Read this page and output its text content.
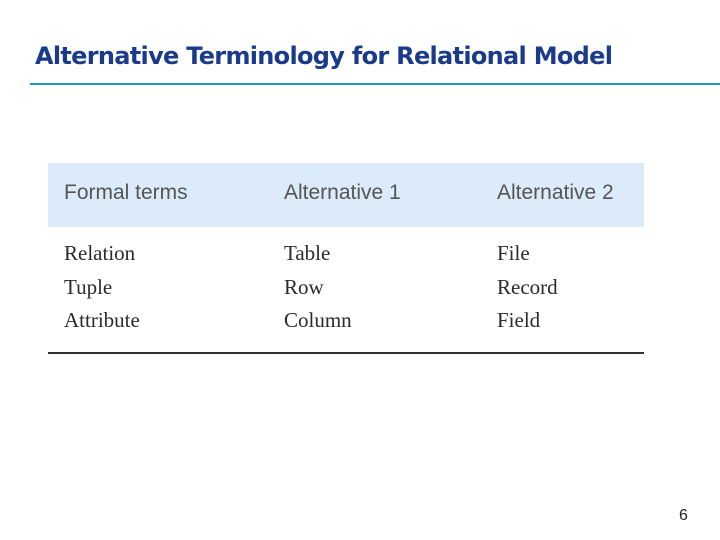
Alternative Terminology for Relational Model
Formal terms	Alternative 1	Alternative 2
Relation	Table	File
Tuple	Row	Record
Attribute	Column	Field
6
